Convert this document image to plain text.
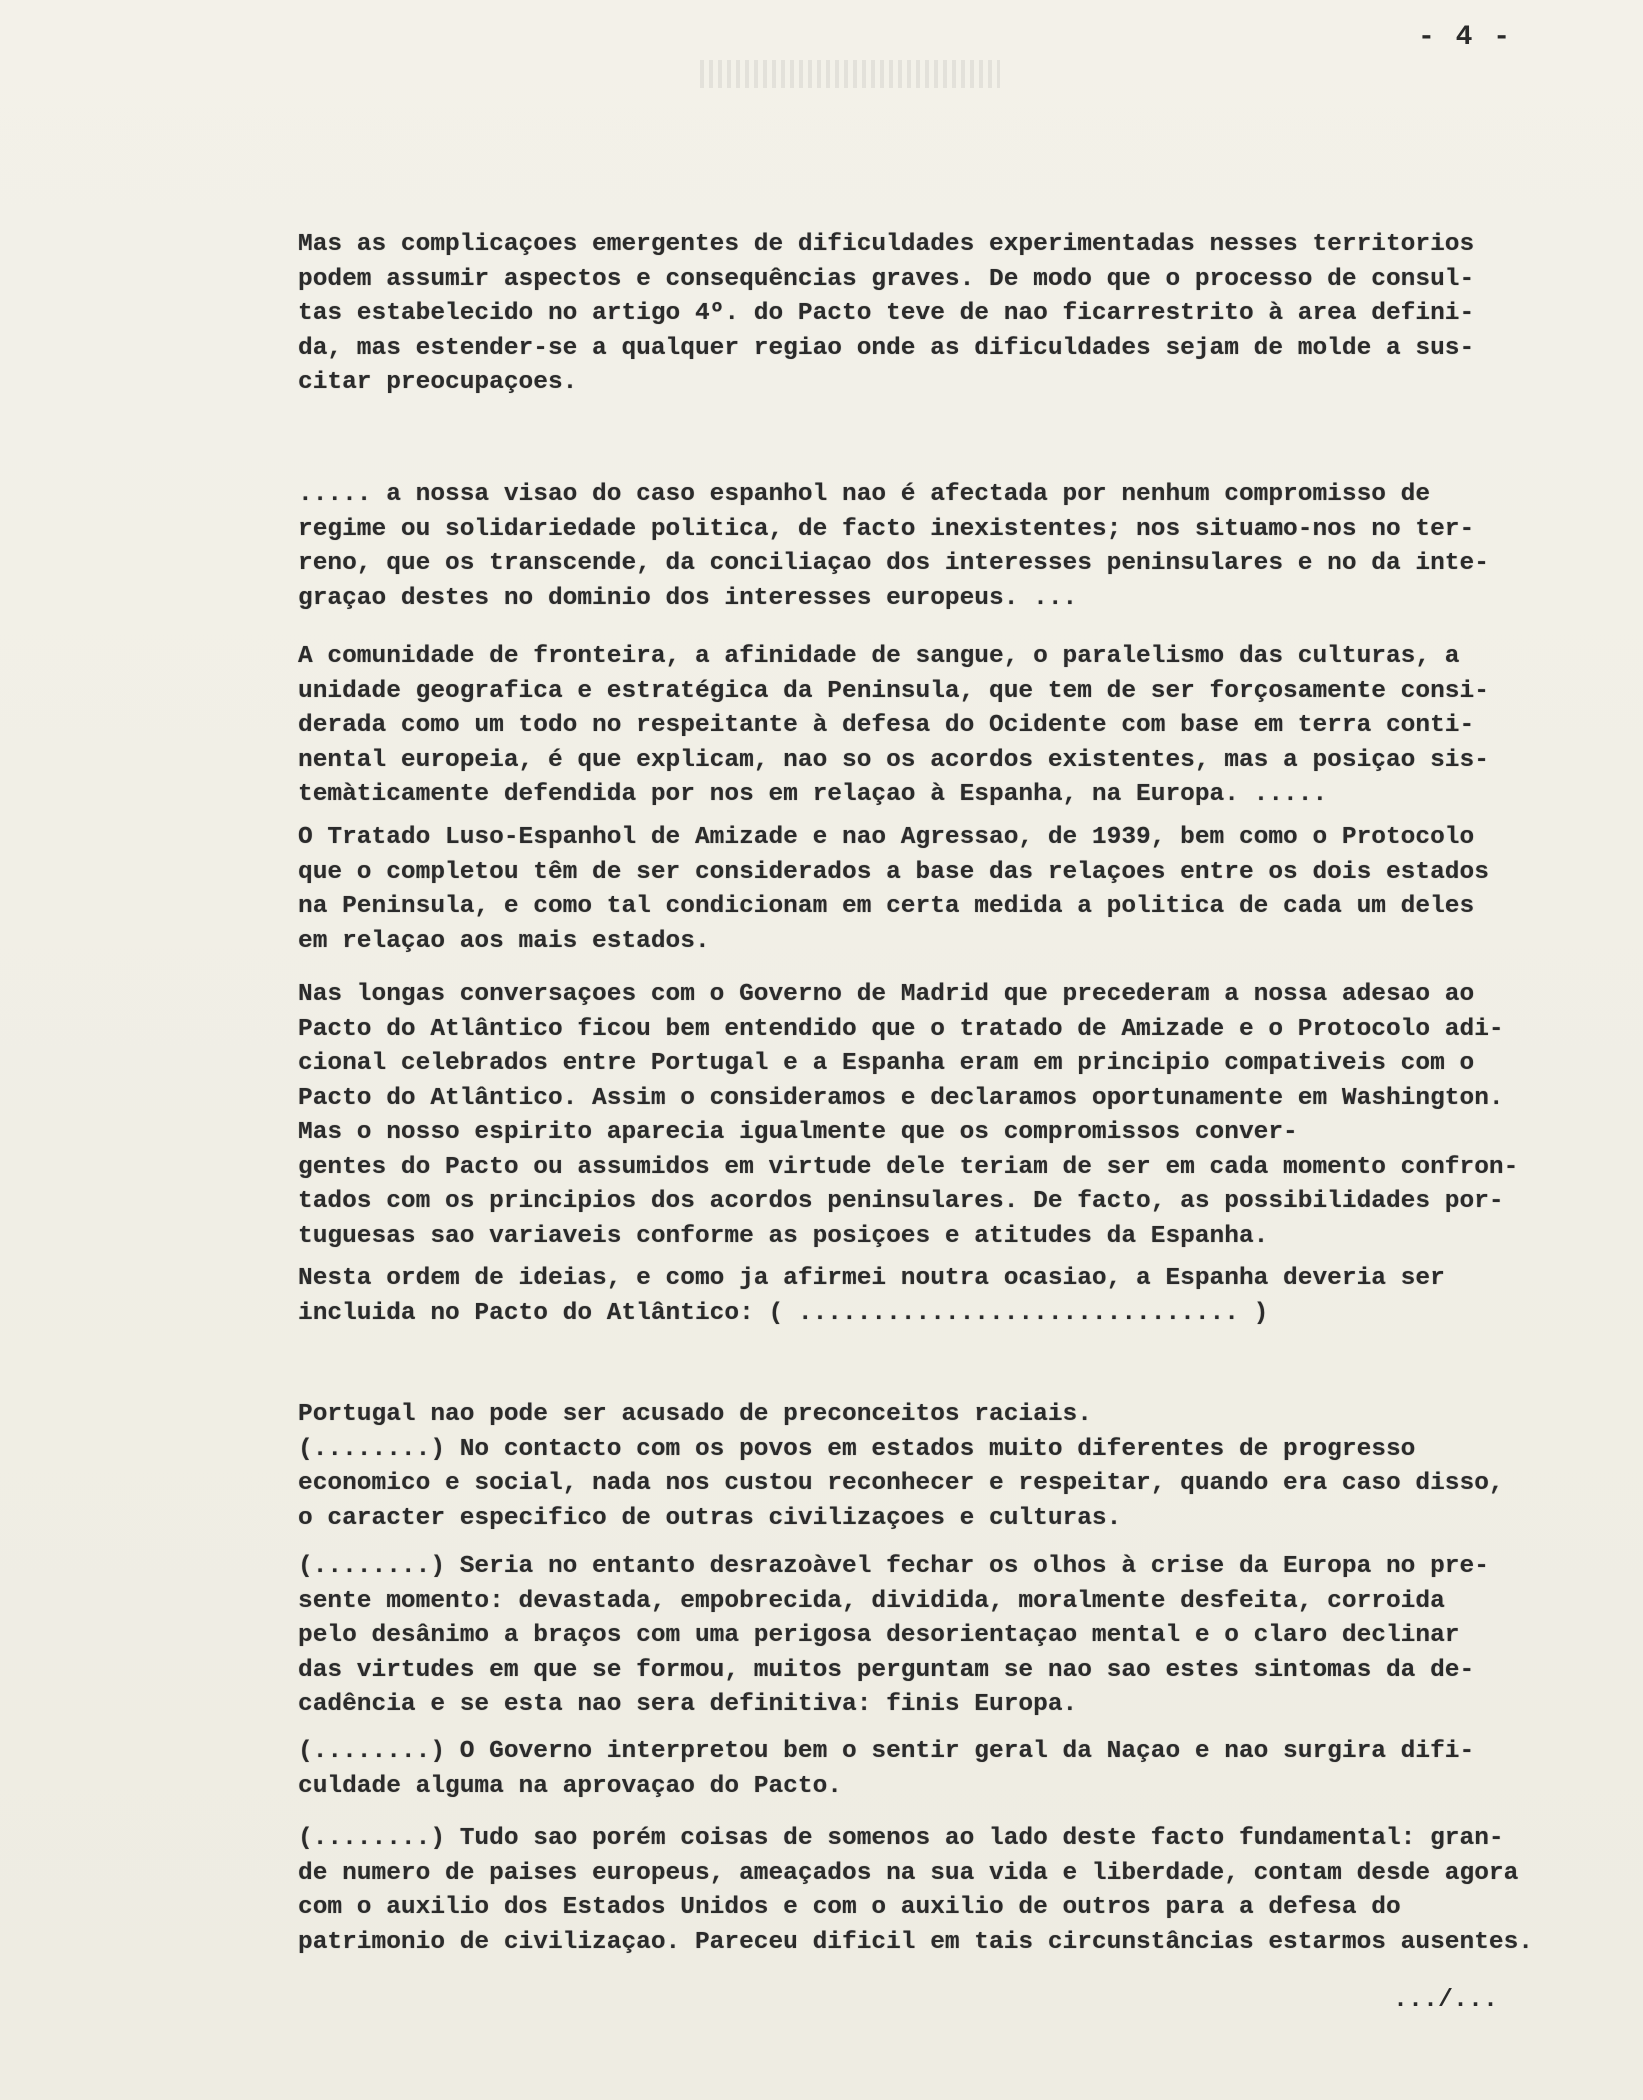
- 4 -

Mas as complicaçoes emergentes de dificuldades experimentadas nesses territorios

podem assumir aspectos e consequências graves. De modo que o processo de consul-

tas estabelecido no artigo 4º. do Pacto teve de nao ficarrestrito à area defini-

da, mas estender-se a qualquer regiao onde as dificuldades sejam de molde a sus-

citar preocupaçoes.

..... a nossa visao do caso espanhol nao é afectada por nenhum compromisso de

regime ou solidariedade politica, de facto inexistentes; nos situamo-nos no ter-

reno, que os transcende, da conciliaçao dos interesses peninsulares e no da inte-

graçao destes no dominio dos interesses europeus. ...

A comunidade de fronteira, a afinidade de sangue, o paralelismo das culturas, a

unidade geografica e estratégica da Peninsula, que tem de ser forçosamente consi-

derada como um todo no respeitante à defesa do Ocidente com base em terra conti-

nental europeia, é que explicam, nao so os acordos existentes, mas a posiçao sis-

temàticamente defendida por nos em relaçao à Espanha, na Europa. .....

O Tratado Luso-Espanhol de Amizade e nao Agressao, de 1939, bem como o Protocolo

que o completou têm de ser considerados a base das relaçoes entre os dois estados

na Peninsula, e como tal condicionam em certa medida a politica de cada um deles

em relaçao aos mais estados.

Nas longas conversaçoes com o Governo de Madrid que precederam a nossa adesao ao

Pacto do Atlântico ficou bem entendido que o tratado de Amizade e o Protocolo adi-

cional celebrados entre Portugal e a Espanha eram em principio compativeis com o

Pacto do Atlântico. Assim o consideramos e declaramos oportunamente em Washington.

Mas o nosso espirito aparecia igualmente que os compromissos conver-

gentes do Pacto ou assumidos em virtude dele teriam de ser em cada momento confron-

tados com os principios dos acordos peninsulares. De facto, as possibilidades por-

tuguesas sao variaveis conforme as posiçoes e atitudes da Espanha.

Nesta ordem de ideias, e como ja afirmei noutra ocasiao, a Espanha deveria ser

incluida no Pacto do Atlântico: ( .............................. )

Portugal nao pode ser acusado de preconceitos raciais.

(........) No contacto com os povos em estados muito diferentes de progresso

economico e social, nada nos custou reconhecer e respeitar, quando era caso disso,

o caracter especifico de outras civilizaçoes e culturas.

(........) Seria no entanto desrazoàvel fechar os olhos à crise da Europa no pre-

sente momento: devastada, empobrecida, dividida, moralmente desfeita, corroida

pelo desânimo a braços com uma perigosa desorientaçao mental e o claro declinar

das virtudes em que se formou, muitos perguntam se nao sao estes sintomas da de-

cadência e se esta nao sera definitiva: finis Europa.

(........) O Governo interpretou bem o sentir geral da Naçao e nao surgira difi-

culdade alguma na aprovaçao do Pacto.

(........) Tudo sao porém coisas de somenos ao lado deste facto fundamental: gran-

de numero de paises europeus, ameaçados na sua vida e liberdade, contam desde agora

com o auxilio dos Estados Unidos e com o auxilio de outros para a defesa do

patrimonio de civilizaçao. Pareceu dificil em tais circunstâncias estarmos ausentes.

.../...
